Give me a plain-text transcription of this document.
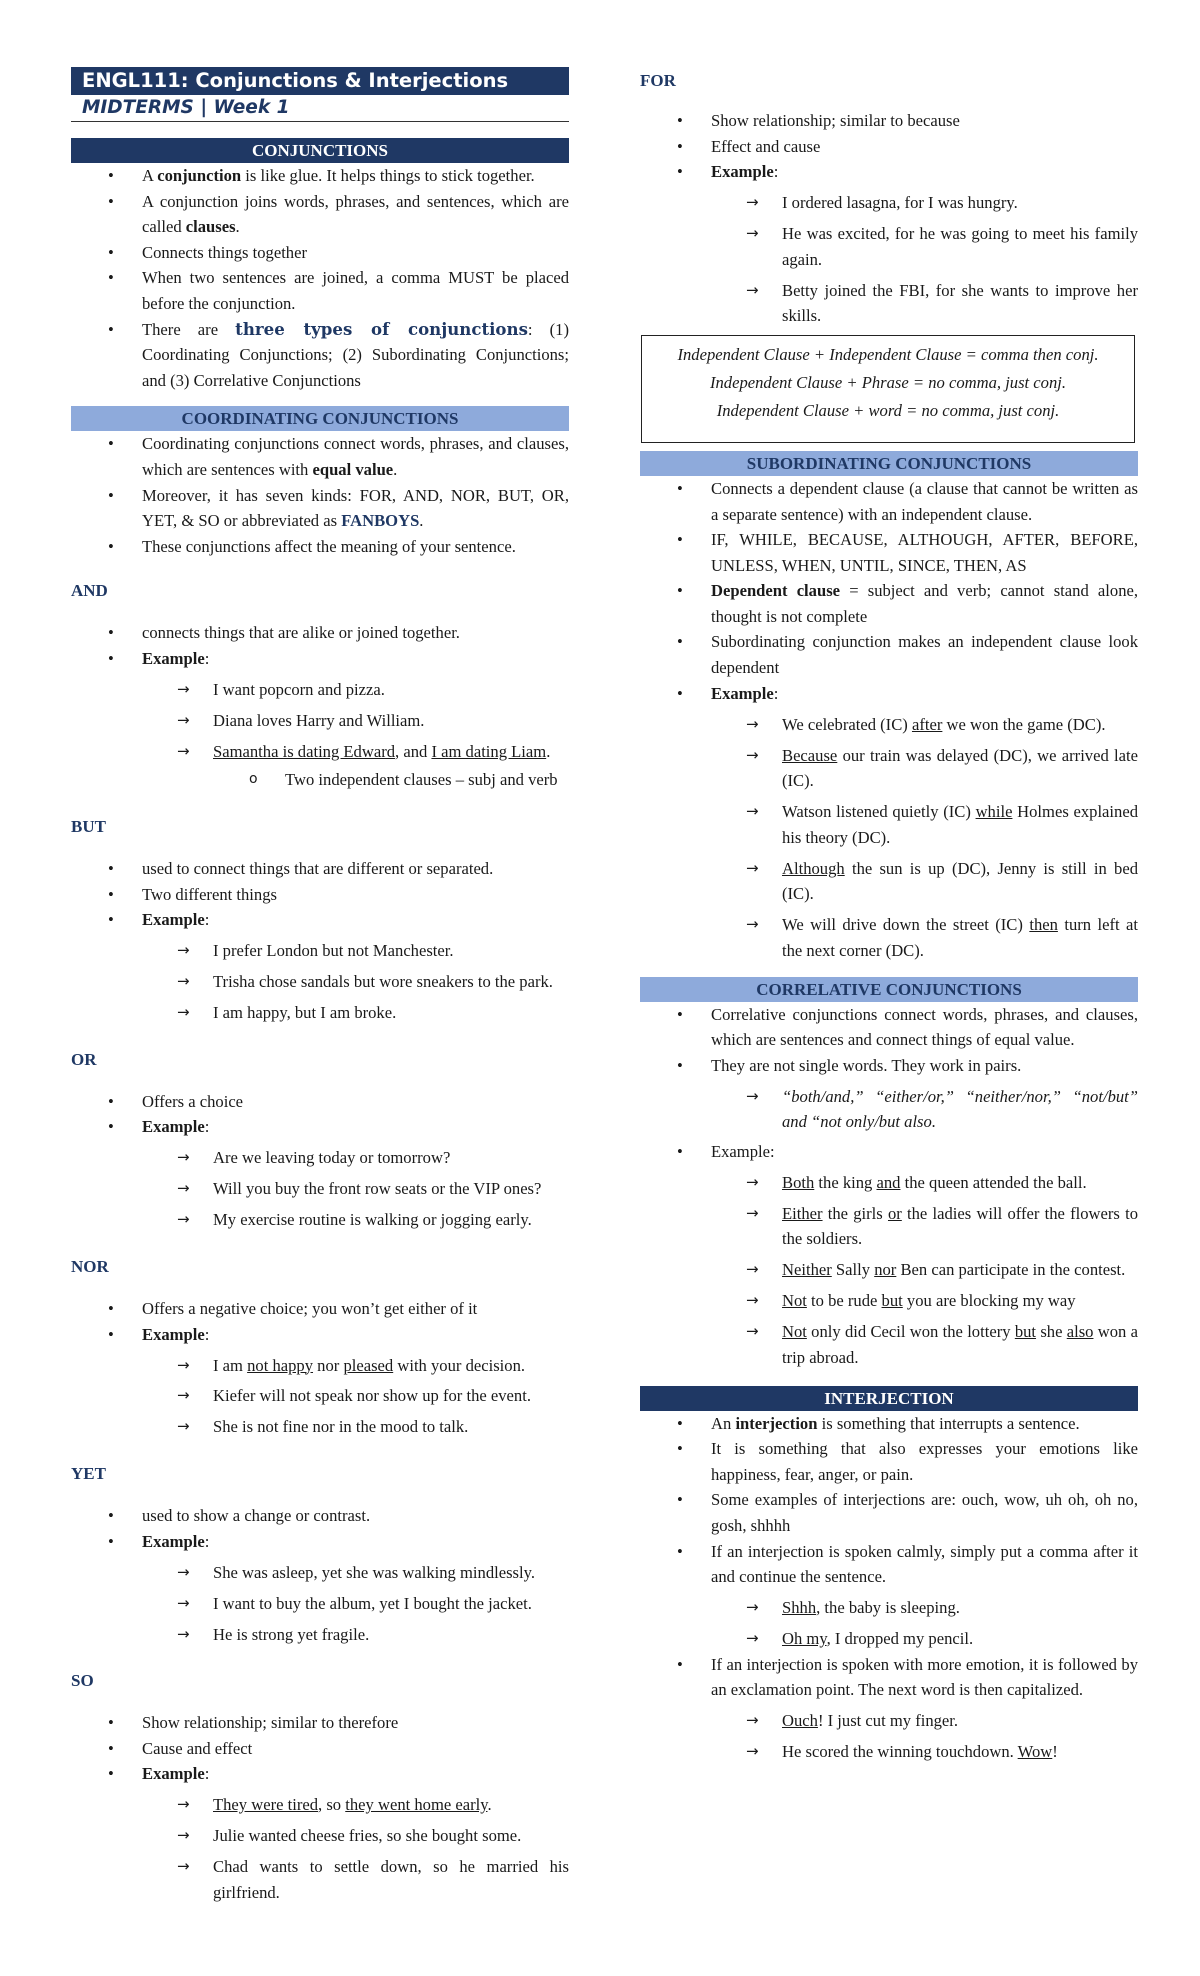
ENGL111: Conjunctions & Interjections
MIDTERMS | Week 1
CONJUNCTIONS
• A conjunction is like glue. It helps things to stick together.
• A conjunction joins words, phrases, and sentences, which are called clauses.
• Connects things together
• When two sentences are joined, a comma MUST be placed before the conjunction.
• There are three types of conjunctions: (1) Coordinating Conjunctions; (2) Subordinating Conjunctions; and (3) Correlative Conjunctions
COORDINATING CONJUNCTIONS
• Coordinating conjunctions connect words, phrases, and clauses, which are sentences with equal value.
• Moreover, it has seven kinds: FOR, AND, NOR, BUT, OR, YET, & SO or abbreviated as FANBOYS.
• These conjunctions affect the meaning of your sentence.
AND
• connects things that are alike or joined together.
• Example:
→ I want popcorn and pizza.
→ Diana loves Harry and William.
→ Samantha is dating Edward, and I am dating Liam.
o Two independent clauses – subj and verb
BUT
• used to connect things that are different or separated.
• Two different things
• Example:
→ I prefer London but not Manchester.
→ Trisha chose sandals but wore sneakers to the park.
→ I am happy, but I am broke.
OR
• Offers a choice
• Example:
→ Are we leaving today or tomorrow?
→ Will you buy the front row seats or the VIP ones?
→ My exercise routine is walking or jogging early.
NOR
• Offers a negative choice; you won’t get either of it
• Example:
→ I am not happy nor pleased with your decision.
→ Kiefer will not speak nor show up for the event.
→ She is not fine nor in the mood to talk.
YET
• used to show a change or contrast.
• Example:
→ She was asleep, yet she was walking mindlessly.
→ I want to buy the album, yet I bought the jacket.
→ He is strong yet fragile.
SO
• Show relationship; similar to therefore
• Cause and effect
• Example:
→ They were tired, so they went home early.
→ Julie wanted cheese fries, so she bought some.
→ Chad wants to settle down, so he married his girlfriend.
FOR
• Show relationship; similar to because
• Effect and cause
• Example:
→ I ordered lasagna, for I was hungry.
→ He was excited, for he was going to meet his family again.
→ Betty joined the FBI, for she wants to improve her skills.
Independent Clause + Independent Clause = comma then conj.
Independent Clause + Phrase = no comma, just conj.
Independent Clause + word = no comma, just conj.
SUBORDINATING CONJUNCTIONS
• Connects a dependent clause (a clause that cannot be written as a separate sentence) with an independent clause.
• IF, WHILE, BECAUSE, ALTHOUGH, AFTER, BEFORE, UNLESS, WHEN, UNTIL, SINCE, THEN, AS
• Dependent clause = subject and verb; cannot stand alone, thought is not complete
• Subordinating conjunction makes an independent clause look dependent
• Example:
→ We celebrated (IC) after we won the game (DC).
→ Because our train was delayed (DC), we arrived late (IC).
→ Watson listened quietly (IC) while Holmes explained his theory (DC).
→ Although the sun is up (DC), Jenny is still in bed (IC).
→ We will drive down the street (IC) then turn left at the next corner (DC).
CORRELATIVE CONJUNCTIONS
• Correlative conjunctions connect words, phrases, and clauses, which are sentences and connect things of equal value.
• They are not single words. They work in pairs.
→ “both/and,” “either/or,” “neither/nor,” “not/but” and “not only/but also.
• Example:
→ Both the king and the queen attended the ball.
→ Either the girls or the ladies will offer the flowers to the soldiers.
→ Neither Sally nor Ben can participate in the contest.
→ Not to be rude but you are blocking my way
→ Not only did Cecil won the lottery but she also won a trip abroad.
INTERJECTION
• An interjection is something that interrupts a sentence.
• It is something that also expresses your emotions like happiness, fear, anger, or pain.
• Some examples of interjections are: ouch, wow, uh oh, oh no, gosh, shhhh
• If an interjection is spoken calmly, simply put a comma after it and continue the sentence.
→ Shhh, the baby is sleeping.
→ Oh my, I dropped my pencil.
• If an interjection is spoken with more emotion, it is followed by an exclamation point. The next word is then capitalized.
→ Ouch! I just cut my finger.
→ He scored the winning touchdown. Wow!
